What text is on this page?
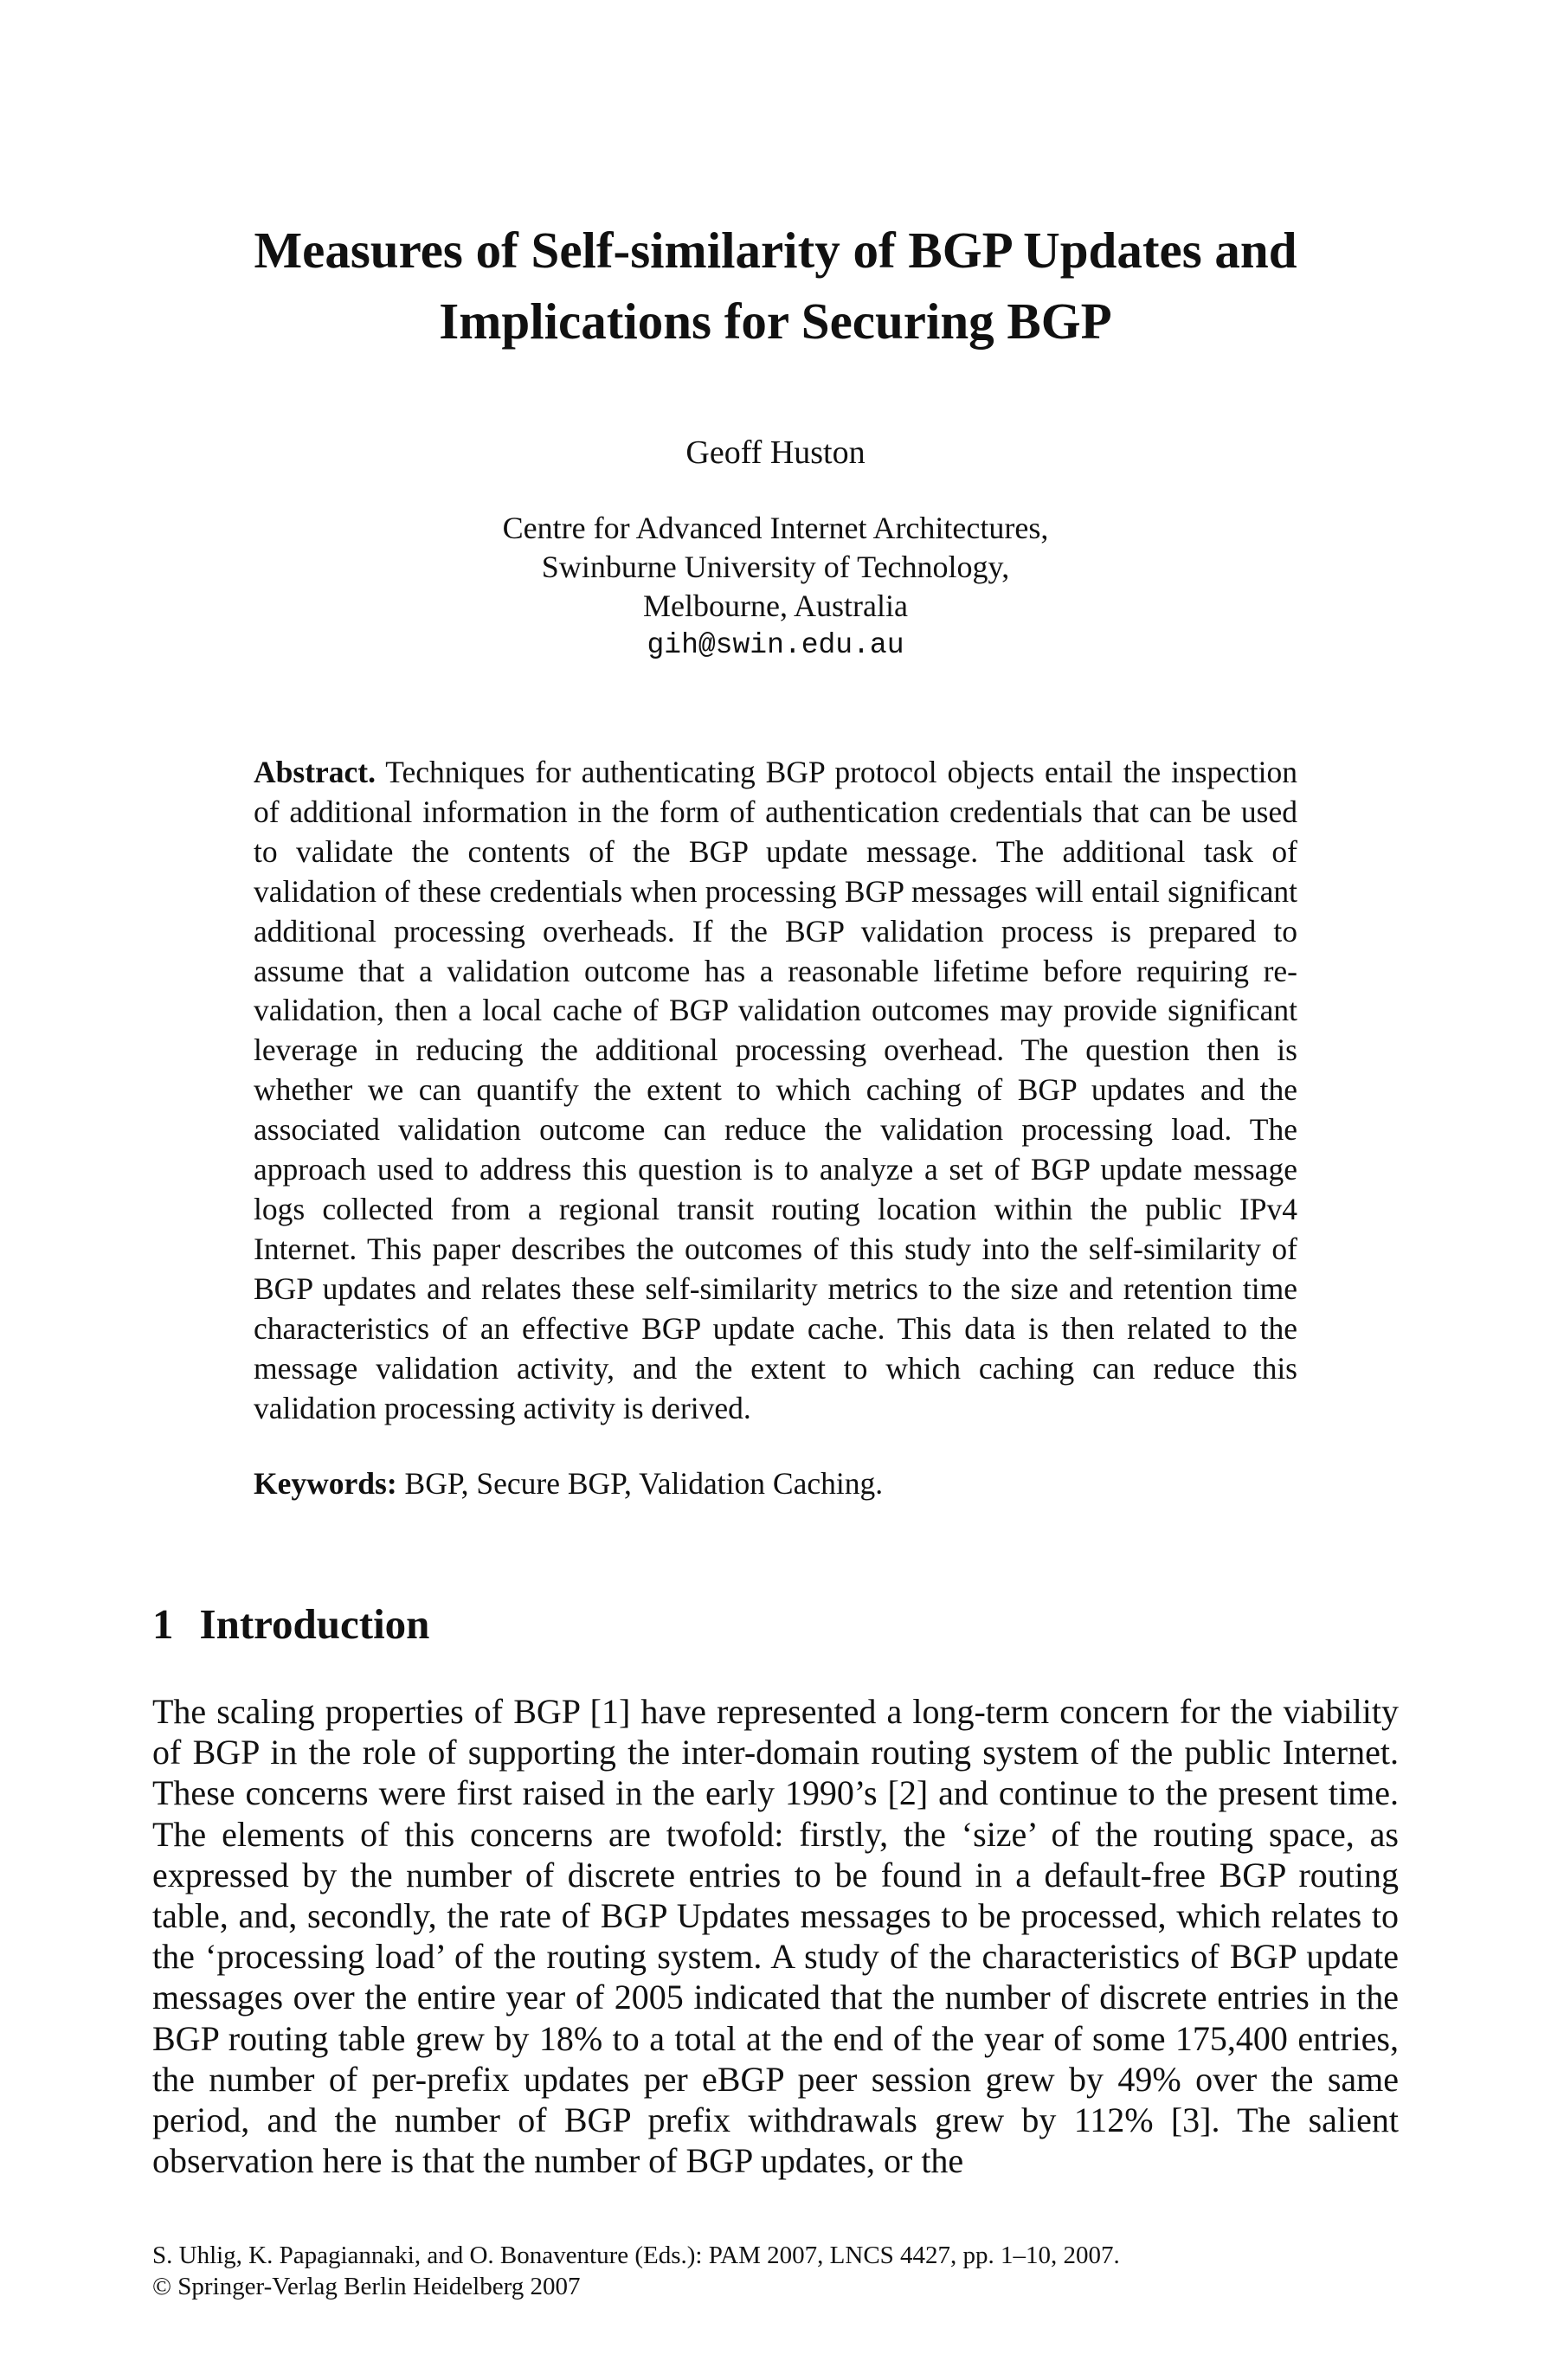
Measures of Self-similarity of BGP Updates and
Implications for Securing BGP
Geoff Huston
Centre for Advanced Internet Architectures,
Swinburne University of Technology,
Melbourne, Australia
gih@swin.edu.au

Abstract. Techniques for authenticating BGP protocol objects entail the inspection of additional information in the form of authentication credentials that can be used to validate the contents of the BGP update message. The additional task of validation of these credentials when processing BGP messages will entail significant additional processing overheads. If the BGP validation process is prepared to assume that a validation outcome has a reasonable lifetime before requiring re-validation, then a local cache of BGP validation outcomes may provide significant leverage in reducing the additional processing overhead. The question then is whether we can quantify the extent to which caching of BGP updates and the associated validation outcome can reduce the validation processing load. The approach used to address this question is to analyze a set of BGP update message logs collected from a regional transit routing location within the public IPv4 Internet. This paper describes the outcomes of this study into the self-similarity of BGP updates and relates these self-similarity metrics to the size and retention time characteristics of an effective BGP update cache. This data is then related to the message validation activity, and the extent to which caching can reduce this validation processing activity is derived.

Keywords: BGP, Secure BGP, Validation Caching.

1 Introduction

The scaling properties of BGP [1] have represented a long-term concern for the viability of BGP in the role of supporting the inter-domain routing system of the public Internet. These concerns were first raised in the early 1990’s [2] and continue to the present time. The elements of this concerns are twofold: firstly, the ‘size’ of the routing space, as expressed by the number of discrete entries to be found in a default-free BGP routing table, and, secondly, the rate of BGP Updates messages to be processed, which relates to the ‘processing load’ of the routing system. A study of the characteristics of BGP update messages over the entire year of 2005 indicated that the number of discrete entries in the BGP routing table grew by 18% to a total at the end of the year of some 175,400 entries, the number of per-prefix updates per eBGP peer session grew by 49% over the same period, and the number of BGP prefix withdrawals grew by 112% [3]. The salient observation here is that the number of BGP updates, or the

S. Uhlig, K. Papagiannaki, and O. Bonaventure (Eds.): PAM 2007, LNCS 4427, pp. 1–10, 2007.
© Springer-Verlag Berlin Heidelberg 2007
